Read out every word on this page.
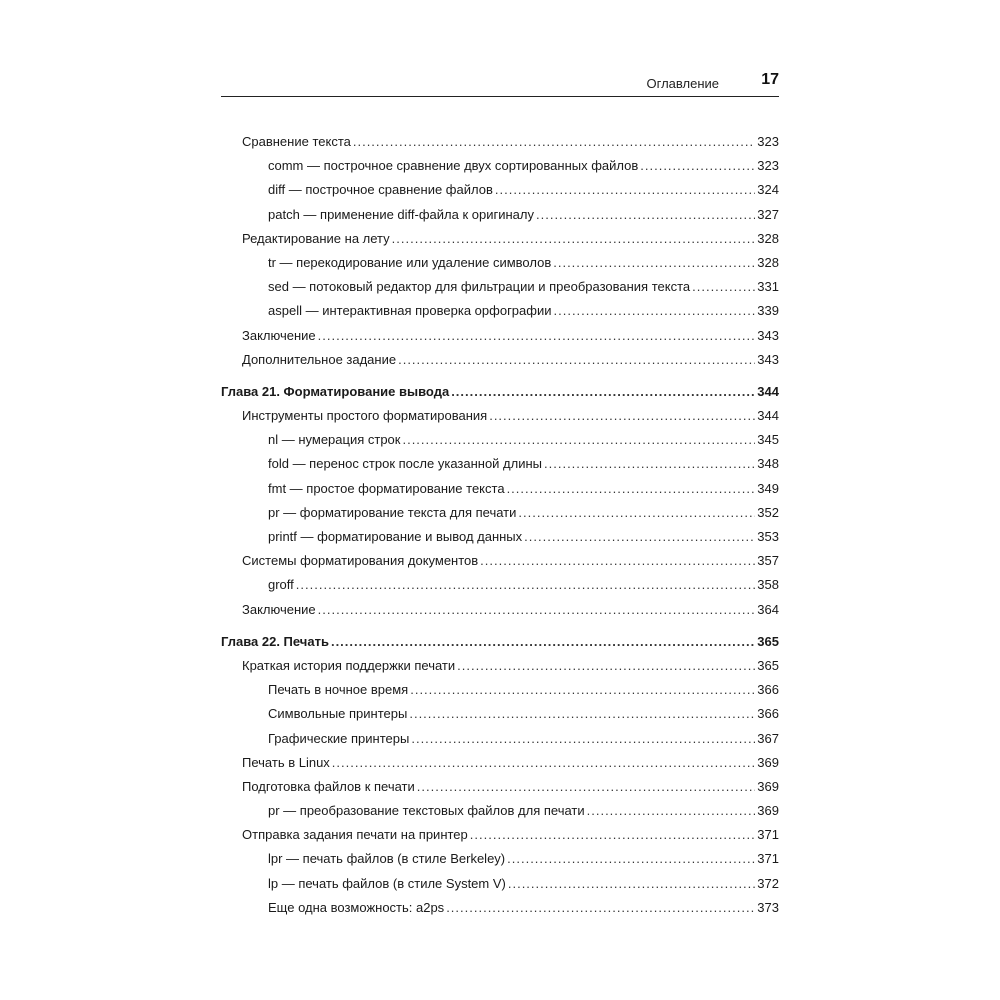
Оглавление	17
Сравнение текста .....	323
comm — построчное сравнение двух сортированных файлов .....	323
diff — построчное сравнение файлов .....	324
patch — применение diff-файла к оригиналу .....	327
Редактирование на лету .....	328
tr — перекодирование или удаление символов .....	328
sed — потоковый редактор для фильтрации и преобразования текста .....	331
aspell — интерактивная проверка орфографии .....	339
Заключение .....	343
Дополнительное задание .....	343
Глава 21. Форматирование вывода .....	344
Инструменты простого форматирования .....	344
nl — нумерация строк .....	345
fold — перенос строк после указанной длины .....	348
fmt — простое форматирование текста .....	349
pr — форматирование текста для печати .....	352
printf — форматирование и вывод данных .....	353
Системы форматирования документов .....	357
groff .....	358
Заключение .....	364
Глава 22. Печать .....	365
Краткая история поддержки печати .....	365
Печать в ночное время .....	366
Символьные принтеры .....	366
Графические принтеры .....	367
Печать в Linux .....	369
Подготовка файлов к печати .....	369
pr — преобразование текстовых файлов для печати .....	369
Отправка задания печати на принтер .....	371
lpr — печать файлов (в стиле Berkeley) .....	371
lp — печать файлов (в стиле System V) .....	372
Еще одна возможность: a2ps .....	373
